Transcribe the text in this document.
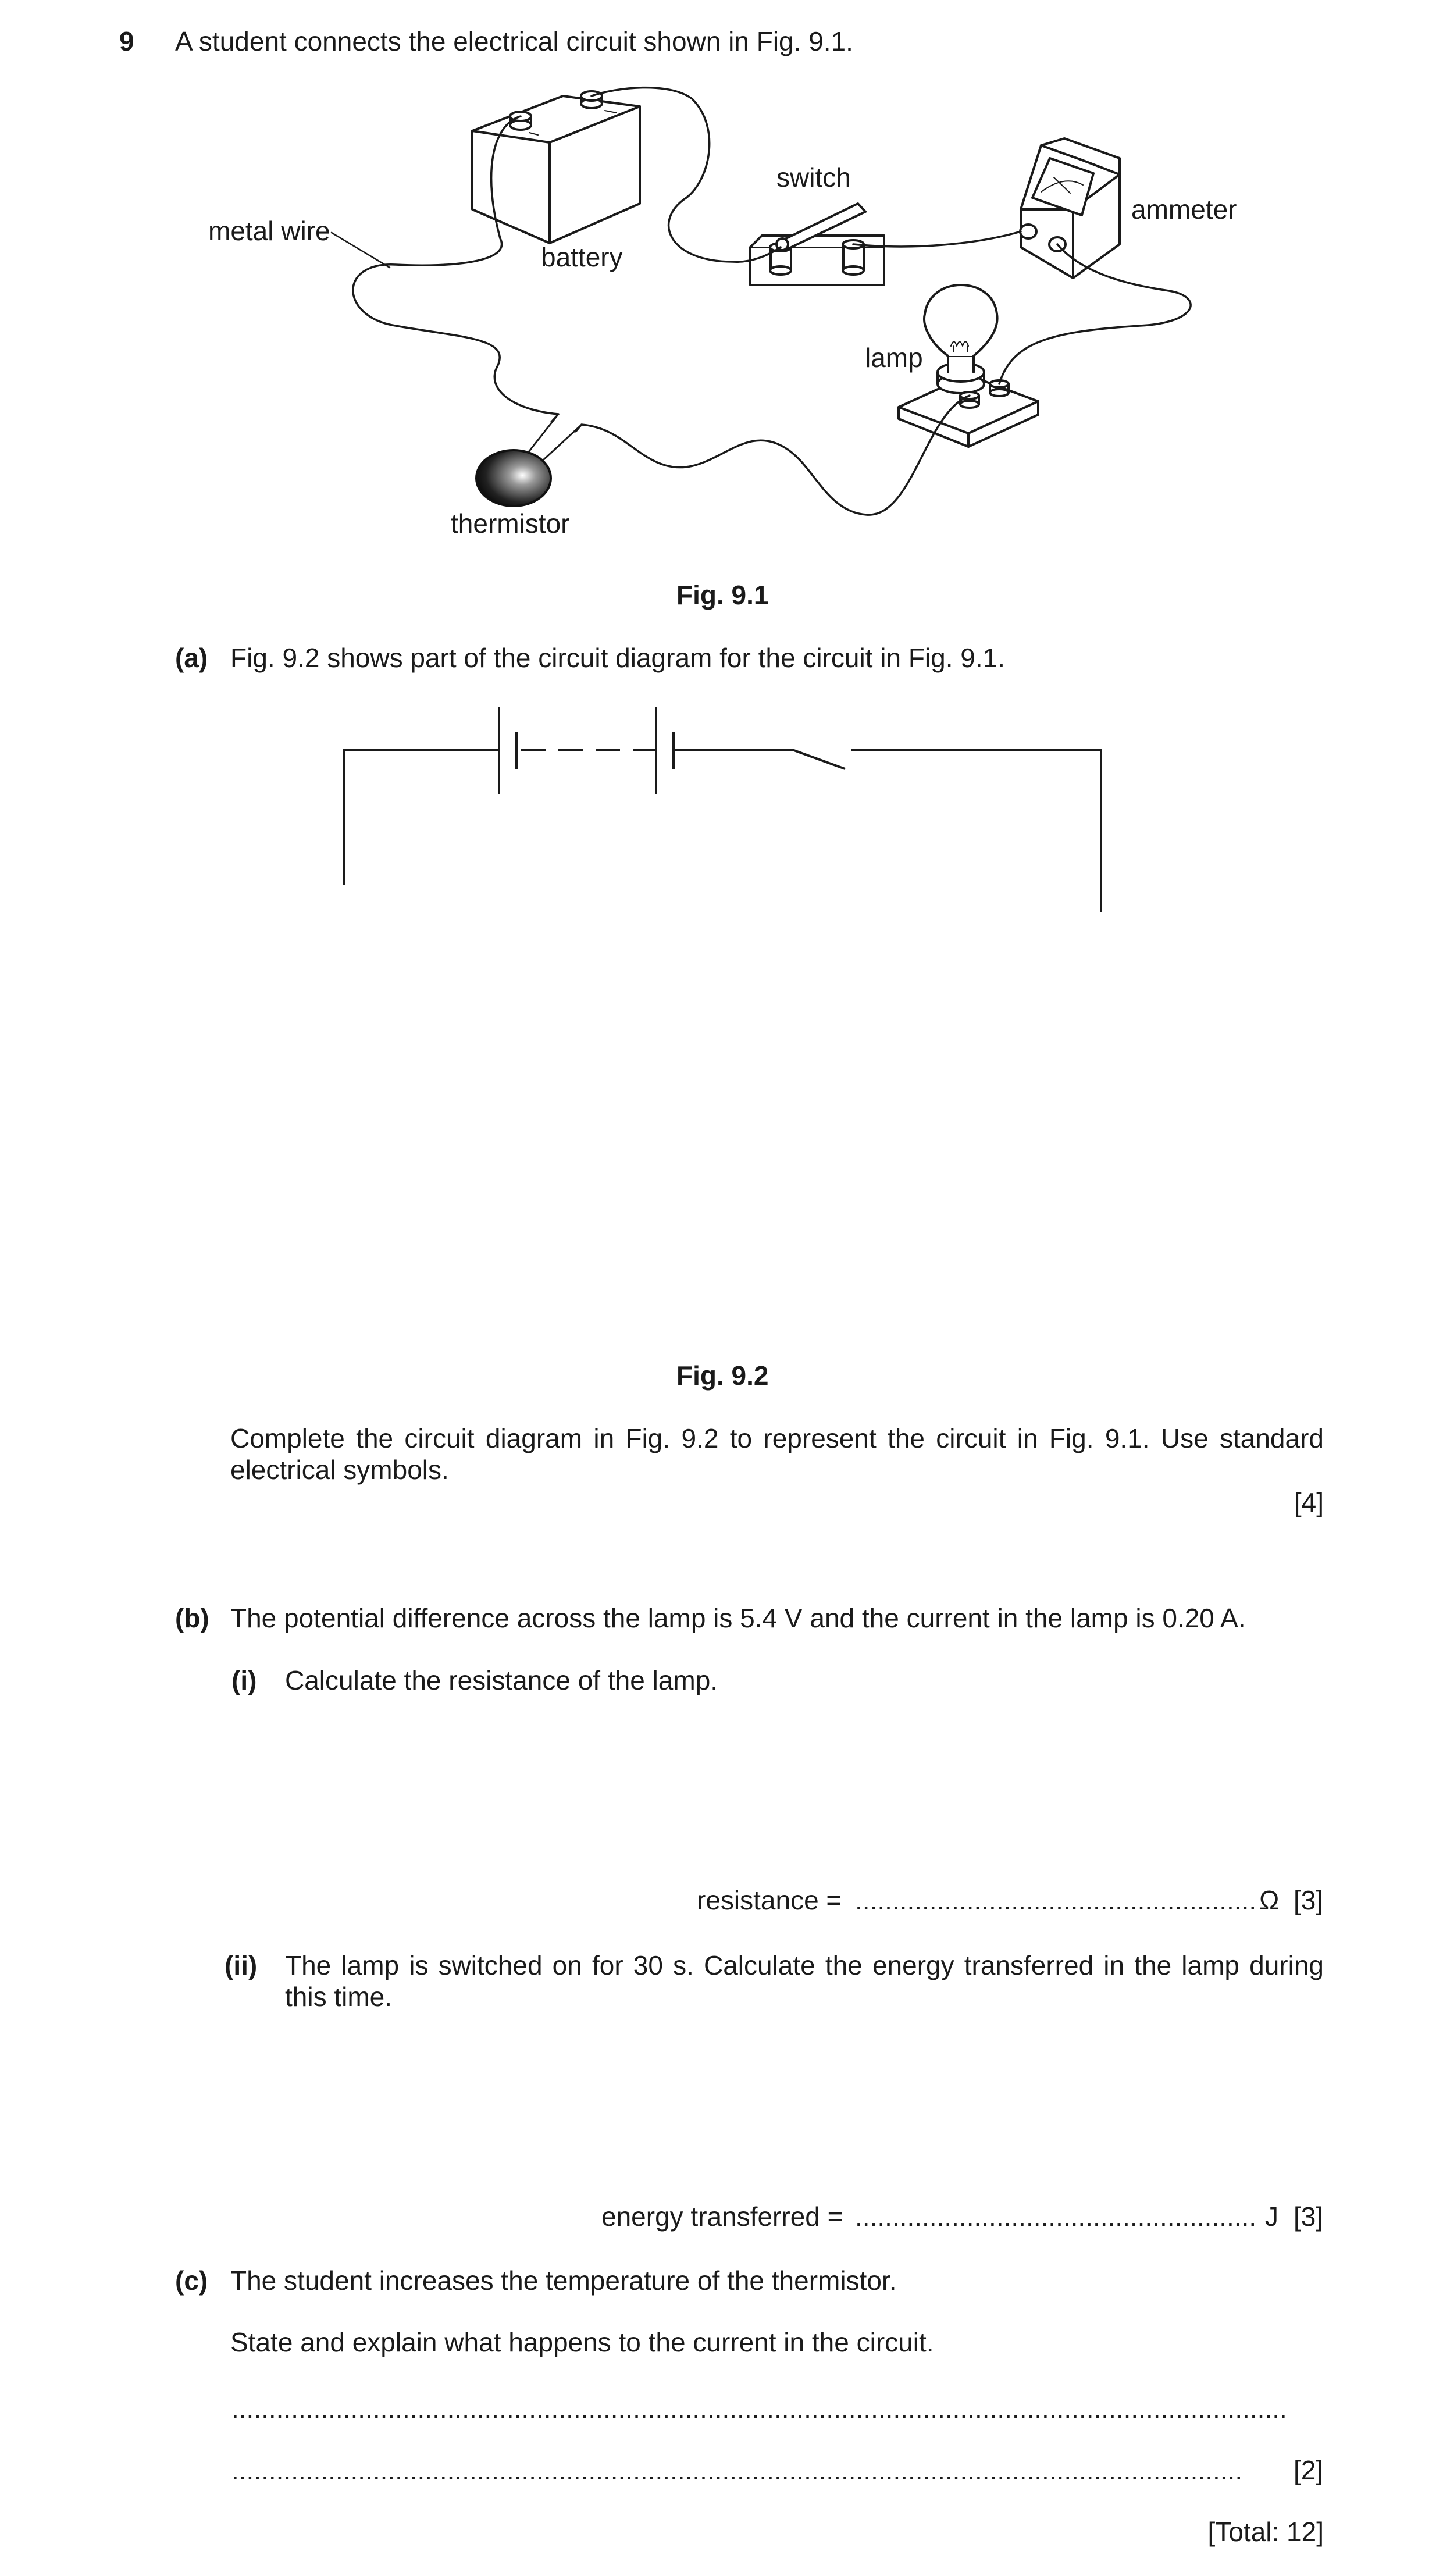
9 A student connects the electrical circuit shown in Fig. 9.1.
metal wire
battery
switch
ammeter
lamp
thermistor
Fig. 9.1
(a) Fig. 9.2 shows part of the circuit diagram for the circuit in Fig. 9.1.
Fig. 9.2
Complete the circuit diagram in Fig. 9.2 to represent the circuit in Fig. 9.1. Use standard
electrical symbols.
[4]
(b) The potential difference across the lamp is 5.4 V and the current in the lamp is 0.20 A.
(i) Calculate the resistance of the lamp.
resistance = ...................................................... Ω [3]
(ii) The lamp is switched on for 30 s. Calculate the energy transferred in the lamp during
this time.
energy transferred = ...................................................... J [3]
(c) The student increases the temperature of the thermistor.
State and explain what happens to the current in the circuit.
..............................................................................................................................................
........................................................................................................................................	[2]
[Total: 12]
